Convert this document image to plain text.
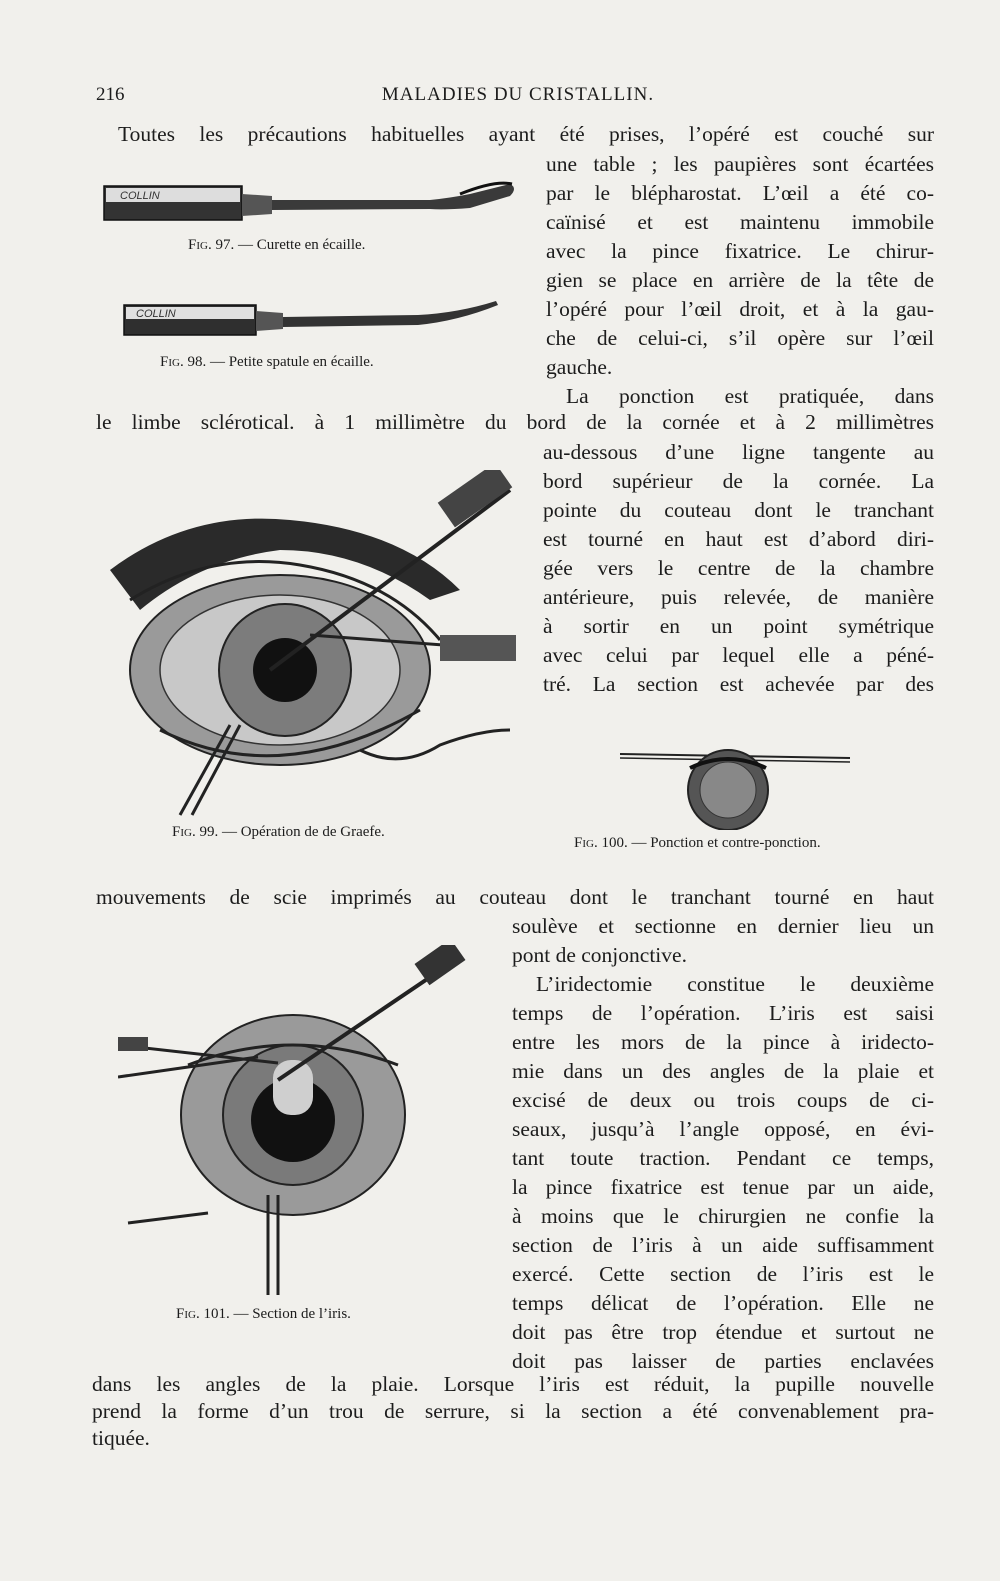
216	MALADIES DU CRISTALLIN.
Toutes les précautions habituelles ayant été prises, l’opéré est couché sur
une table ; les paupières sont écartées
par le blépharostat. L’œil a été co-
caïnisé et est maintenu immobile
avec la pince fixatrice. Le chirur-
gien se place en arrière de la tête de
l’opéré pour l’œil droit, et à la gau-
che de celui-ci, s’il opère sur l’œil
gauche.
La ponction est pratiquée, dans
le limbe sclérotical. à 1 millimètre du bord de la cornée et à 2 millimètres
au-dessous d’une ligne tangente au
bord supérieur de la cornée. La
pointe du couteau dont le tranchant
est tourné en haut est d’abord diri-
gée vers le centre de la chambre
antérieure, puis relevée, de manière
à sortir en un point symétrique
avec celui par lequel elle a péné-
tré. La section est achevée par des
mouvements de scie imprimés au couteau dont le tranchant tourné en haut
soulève et sectionne en dernier lieu un
pont de conjonctive.
L’iridectomie constitue le deuxième
temps de l’opération. L’iris est saisi
entre les mors de la pince à iridecto-
mie dans un des angles de la plaie et
excisé de deux ou trois coups de ci-
seaux, jusqu’à l’angle opposé, en évi-
tant toute traction. Pendant ce temps,
la pince fixatrice est tenue par un aide,
à moins que le chirurgien ne confie la
section de l’iris à un aide suffisamment
exercé. Cette section de l’iris est le
temps délicat de l’opération. Elle ne
doit pas être trop étendue et surtout ne
doit pas laisser de parties enclavées
dans les angles de la plaie. Lorsque l’iris est réduit, la pupille nouvelle
prend la forme d’un trou de serrure, si la section a été convenablement pra-
tiquée.
COLLIN
Fig. 97. — Curette en écaille.
COLLIN
Fig. 98. — Petite spatule en écaille.
Fig. 99. — Opération de de Graefe.
Fig. 100. — Ponction et contre-ponction.
Fig. 101. — Section de l’iris.
